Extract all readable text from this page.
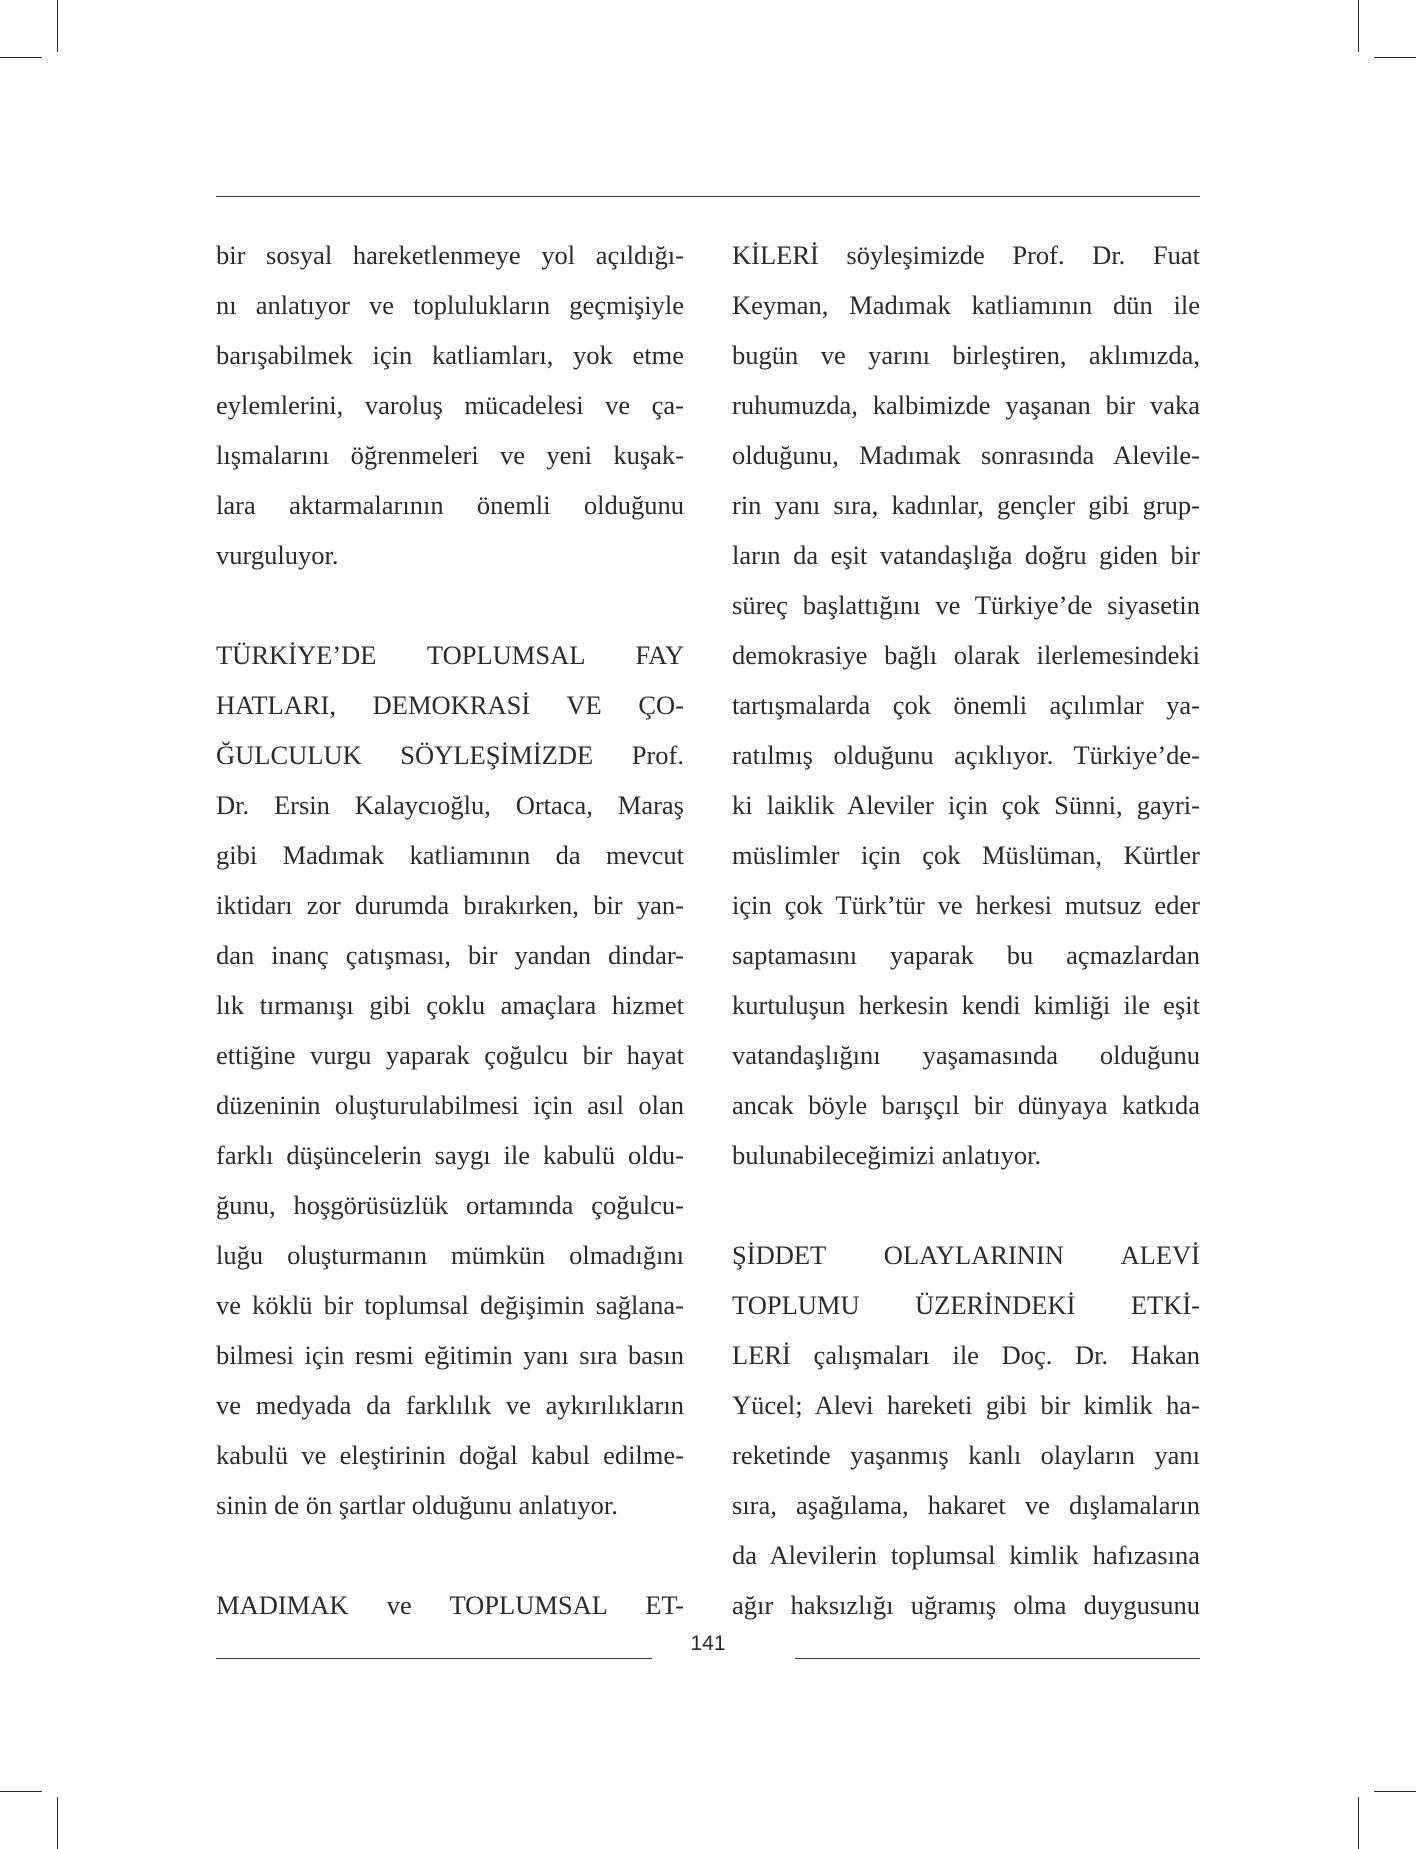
bir sosyal hareketlenmeye yol açıldığı-
nı anlatıyor ve toplulukların geçmişiyle
barışabilmek için katliamları, yok etme
eylemlerini, varoluş mücadelesi ve ça-
lışmalarını öğrenmeleri ve yeni kuşak-
lara aktarmalarının önemli olduğunu
vurguluyor.
TÜRKİYE’DE TOPLUMSAL FAY
HATLARI, DEMOKRASİ VE ÇO-
ĞULCULUK SÖYLEŞİMİZDE Prof.
Dr. Ersin Kalaycıoğlu, Ortaca, Maraş
gibi Madımak katliamının da mevcut
iktidarı zor durumda bırakırken, bir yan-
dan inanç çatışması, bir yandan dindar-
lık tırmanışı gibi çoklu amaçlara hizmet
ettiğine vurgu yaparak çoğulcu bir hayat
düzeninin oluşturulabilmesi için asıl olan
farklı düşüncelerin saygı ile kabulü oldu-
ğunu, hoşgörüsüzlük ortamında çoğulcu-
luğu oluşturmanın mümkün olmadığını
ve köklü bir toplumsal değişimin sağlana-
bilmesi için resmi eğitimin yanı sıra basın
ve medyada da farklılık ve aykırılıkların
kabulü ve eleştirinin doğal kabul edilme-
sinin de ön şartlar olduğunu anlatıyor.
MADIMAK ve TOPLUMSAL ET-
KİLERİ söyleşimizde Prof. Dr. Fuat
Keyman, Madımak katliamının dün ile
bugün ve yarını birleştiren, aklımızda,
ruhumuzda, kalbimizde yaşanan bir vaka
olduğunu, Madımak sonrasında Alevile-
rin yanı sıra, kadınlar, gençler gibi grup-
ların da eşit vatandaşlığa doğru giden bir
süreç başlattığını ve Türkiye’de siyasetin
demokrasiye bağlı olarak ilerlemesindeki
tartışmalarda çok önemli açılımlar ya-
ratılmış olduğunu açıklıyor. Türkiye’de-
ki laiklik Aleviler için çok Sünni, gayri-
müslimler için çok Müslüman, Kürtler
için çok Türk’tür ve herkesi mutsuz eder
saptamasını yaparak bu açmazlardan
kurtuluşun herkesin kendi kimliği ile eşit
vatandaşlığını yaşamasında olduğunu
ancak böyle barışçıl bir dünyaya katkıda
bulunabileceğimizi anlatıyor.
ŞİDDET OLAYLARININ ALEVİ
TOPLUMU ÜZERİNDEKİ ETKİ-
LERİ çalışmaları ile Doç. Dr. Hakan
Yücel; Alevi hareketi gibi bir kimlik ha-
reketinde yaşanmış kanlı olayların yanı
sıra, aşağılama, hakaret ve dışlamaların
da Alevilerin toplumsal kimlik hafızasına
ağır haksızlığı uğramış olma duygusunu
141
